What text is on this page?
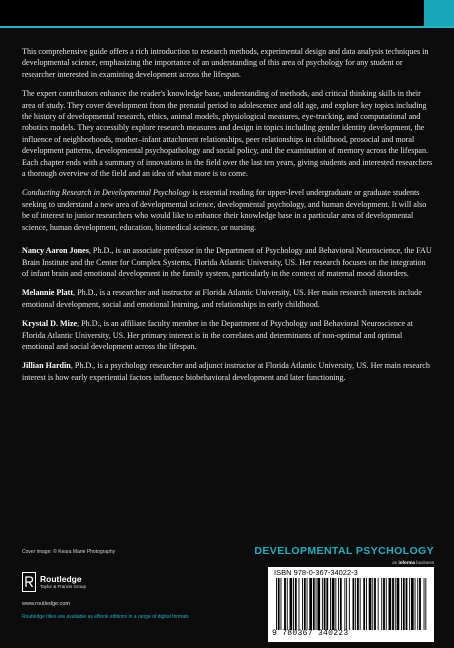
This comprehensive guide offers a rich introduction to research methods, experimental design and data analysis techniques in developmental science, emphasizing the importance of an understanding of this area of psychology for any student or researcher interested in examining development across the lifespan.

The expert contributors enhance the reader's knowledge base, understanding of methods, and critical thinking skills in their area of study. They cover development from the prenatal period to adolescence and old age, and explore key topics including the history of developmental research, ethics, animal models, physiological measures, eye-tracking, and computational and robotics models. They accessibly explore research measures and design in topics including gender identity development, the influence of neighborhoods, mother–infant attachment relationships, peer relationships in childhood, prosocial and moral development patterns, developmental psychopathology and social policy, and the examination of memory across the lifespan. Each chapter ends with a summary of innovations in the field over the last ten years, giving students and interested researchers a thorough overview of the field and an idea of what more is to come.

Conducting Research in Developmental Psychology is essential reading for upper-level undergraduate or graduate students seeking to understand a new area of developmental science, developmental psychology, and human development. It will also be of interest to junior researchers who would like to enhance their knowledge base in a particular area of developmental science, human development, education, biomedical science, or nursing.

Nancy Aaron Jones, Ph.D., is an associate professor in the Department of Psychology and Behavioral Neuroscience, the FAU Brain Institute and the Center for Complex Systems, Florida Atlantic University, US. Her research focuses on the integration of infant brain and emotional development in the family system, particularly in the context of maternal mood disorders.

Melannie Platt, Ph.D., is a researcher and instructor at Florida Atlantic University, US. Her main research interests include emotional development, social and emotional learning, and relationships in early childhood.

Krystal D. Mize, Ph.D., is an affiliate faculty member in the Department of Psychology and Behavioral Neuroscience at Florida Atlantic University, US. Her primary interest is in the correlates and determinants of non-optimal and optimal emotional and social development across the lifespan.

Jillian Hardin, Ph.D., is a psychology researcher and adjunct instructor at Florida Atlantic University, US. Her main research interest is how early experiential factors influence biobehavioral development and later functioning.

Cover image: © Keara Marie Photography	DEVELOPMENTAL PSYCHOLOGY
Routledge
Taylor & Francis Group
www.routledge.com
Routledge titles are available as eBook editions in a range of digital formats
an informa business
ISBN 978-0-367-34022-3
9 780367 340223
